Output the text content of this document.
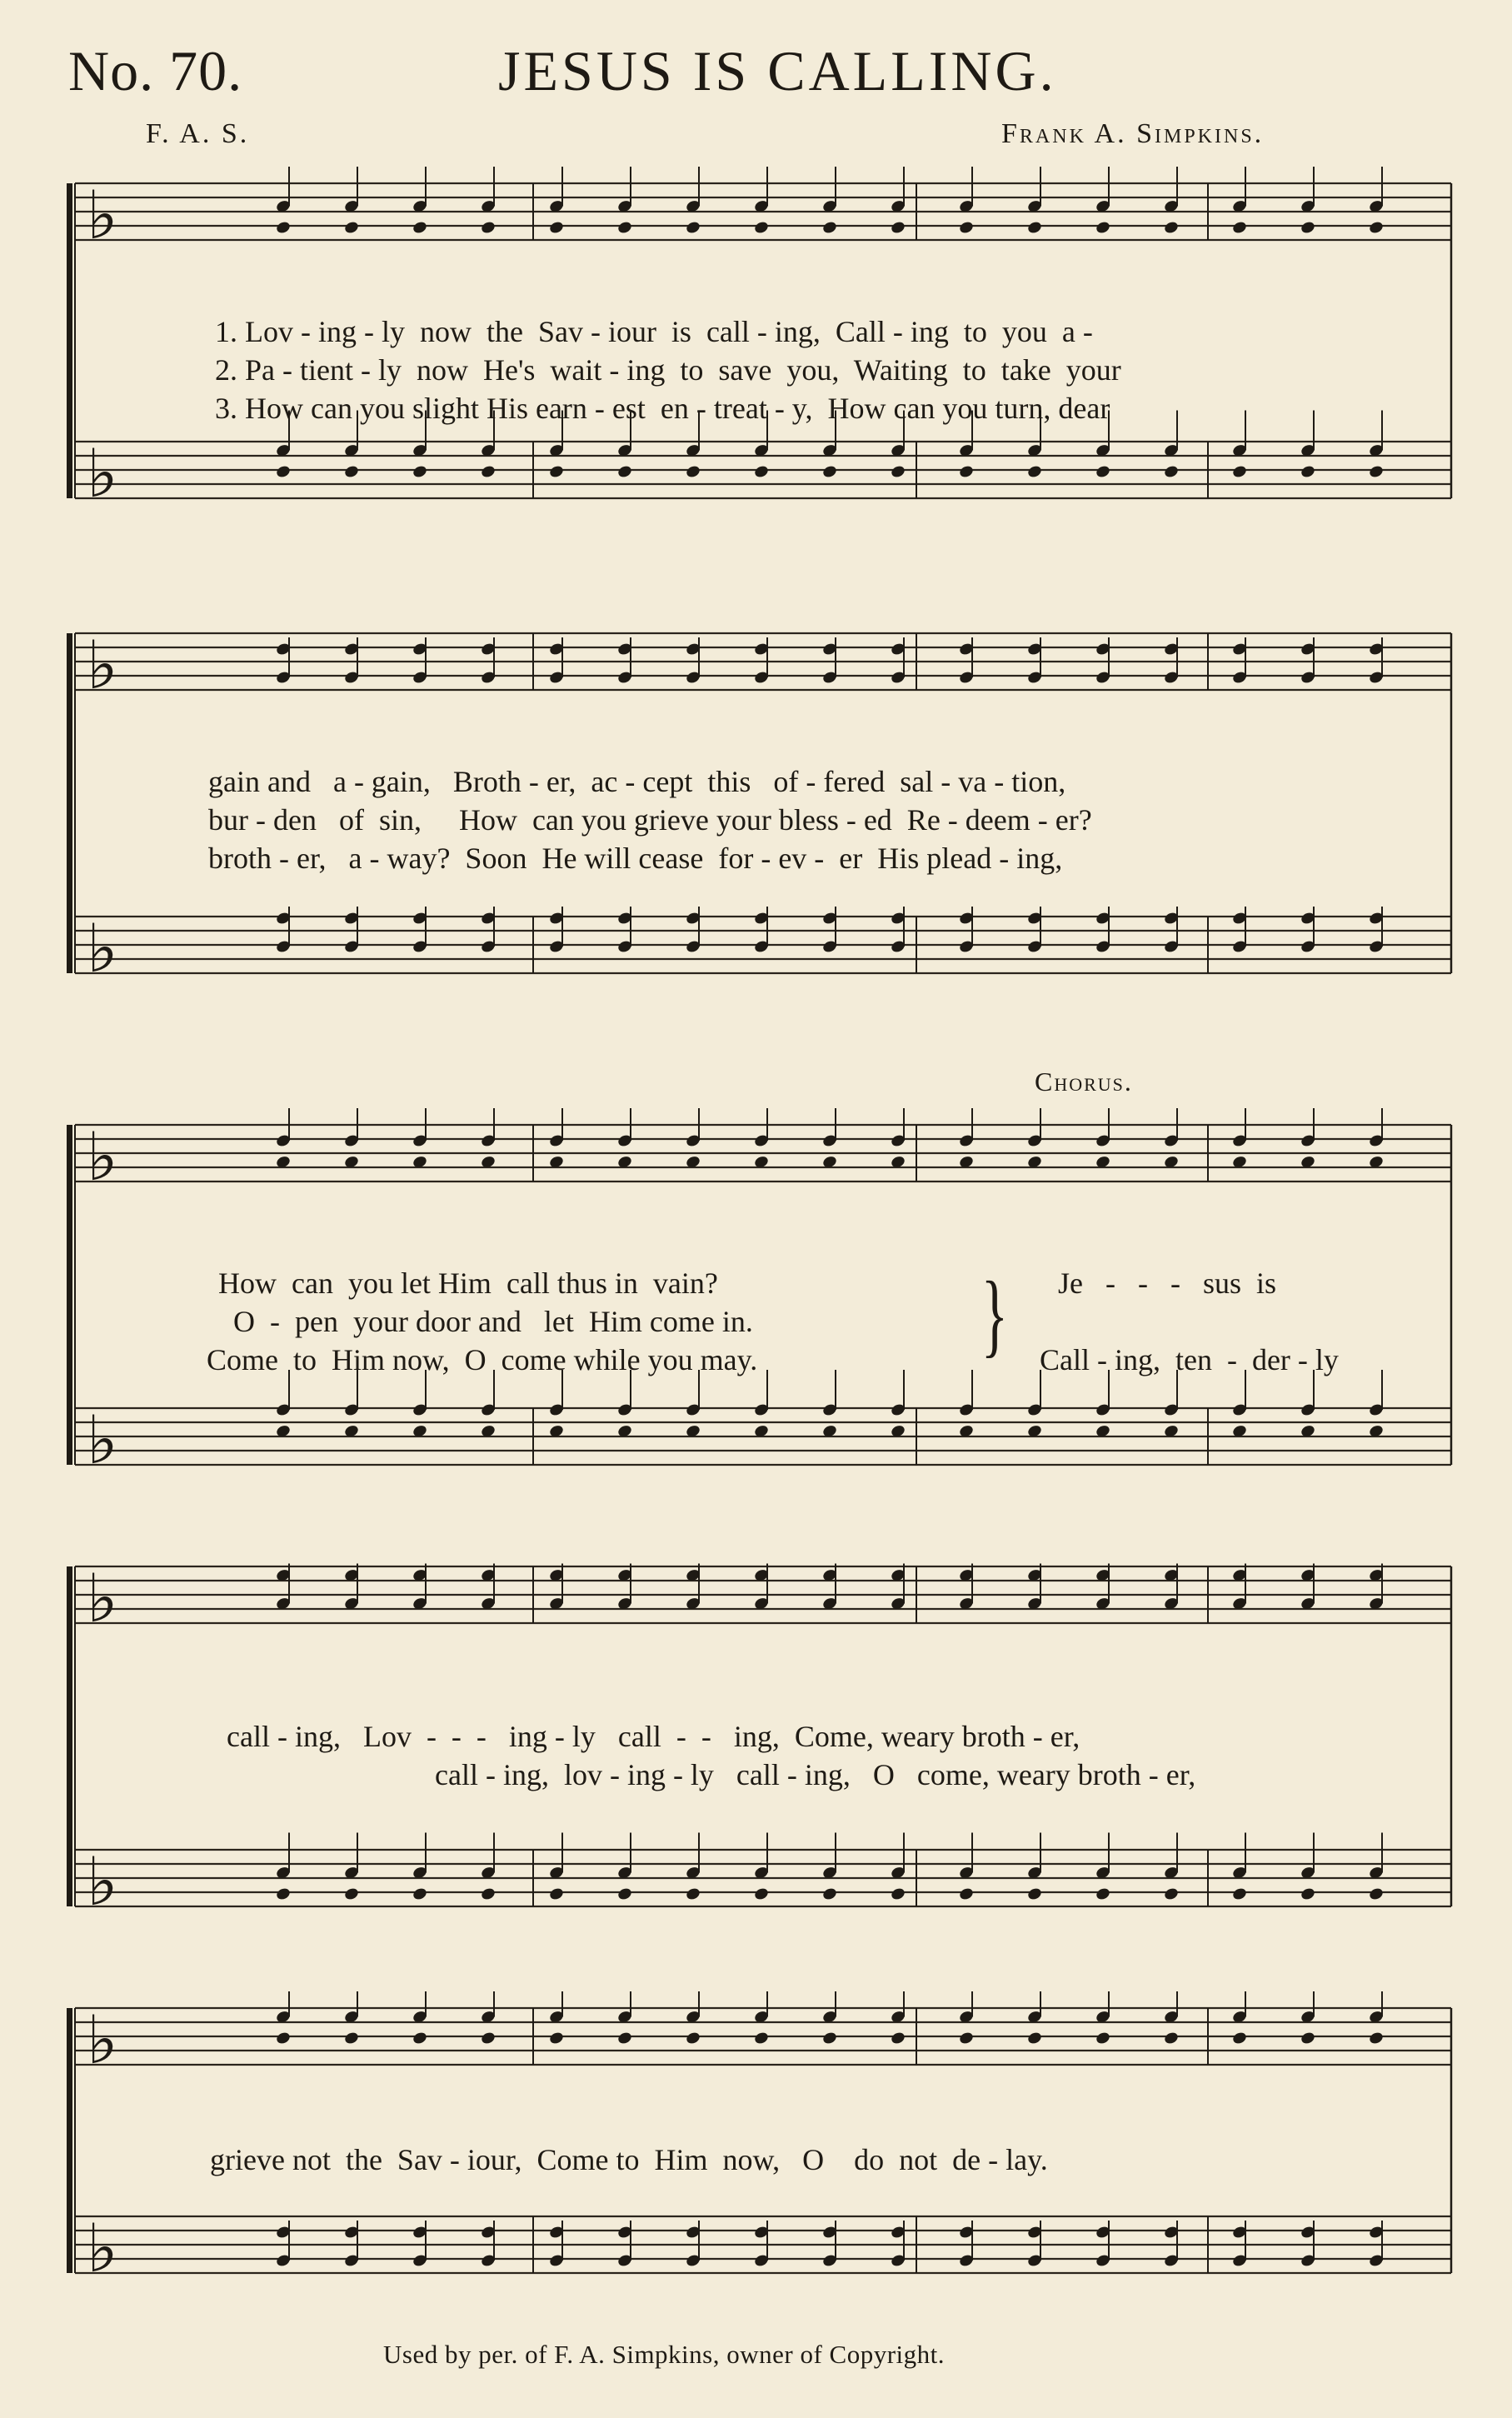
No. 70.	JESUS IS CALLING.
F. A. S.	Frank A. Simpkins.
♭
♭
1. Lov - ing - ly  now  the  Sav - iour  is  call - ing,  Call - ing  to  you  a -
2. Pa - tient - ly  now  He's  wait - ing  to  save  you,  Waiting  to  take  your
3. How can you slight His earn - est  en - treat - y,  How can you turn, dear
♭
♭
gain and   a - gain,   Broth - er,  ac - cept  this   of - fered  sal - va - tion,
bur - den   of  sin,     How  can you grieve your bless - ed  Re - deem - er?
broth - er,   a - way?  Soon  He will cease  for - ev -  er  His plead - ing,
Chorus.
♭
♭
How  can  you let Him  call thus in  vain?
O  -  pen  your door and   let  Him come in.
Come  to  Him now,  O  come while you may. } Je   -   -   -   sus  is
Call - ing,  ten  -  der - ly
♭
♭
call - ing,   Lov  -  -  -   ing - ly   call  -  -   ing,  Come, weary broth - er,
call - ing,  lov - ing - ly   call - ing,   O   come, weary broth - er,
♭
♭
grieve not  the  Sav - iour,  Come to  Him  now,   O    do  not  de - lay.
Used by per. of F. A. Simpkins, owner of Copyright.
